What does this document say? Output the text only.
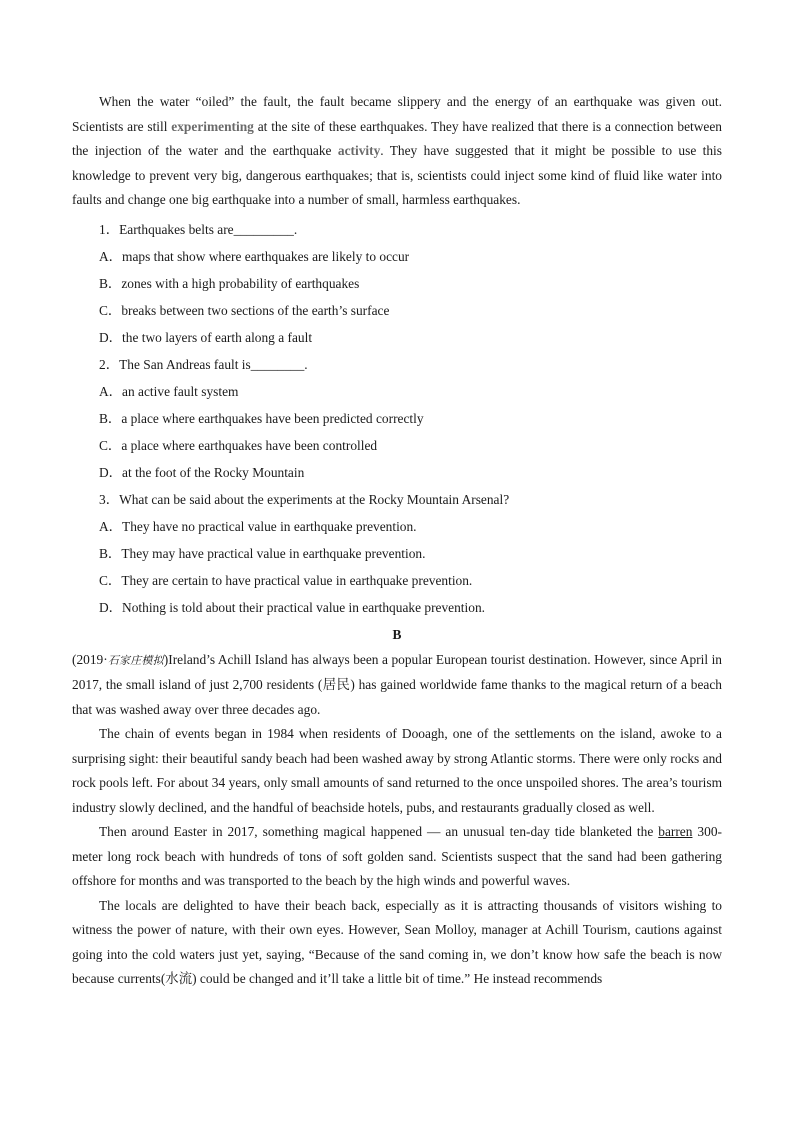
When the water “oiled” the fault, the fault became slippery and the energy of an earthquake was given out. Scientists are still experimenting at the site of these earthquakes. They have realized that there is a connection between the injection of the water and the earthquake activity. They have suggested that it might be possible to use this knowledge to prevent very big, dangerous earthquakes; that is, scientists could inject some kind of fluid like water into faults and change one big earthquake into a number of small, harmless earthquakes.

1．Earthquakes belts are_________.

A．maps that show where earthquakes are likely to occur

B．zones with a high probability of earthquakes

C．breaks between two sections of the earth’s surface

D．the two layers of earth along a fault

2．The San Andreas fault is________.

A．an active fault system

B．a place where earthquakes have been predicted correctly

C．a place where earthquakes have been controlled

D．at the foot of the Rocky Mountain

3．What can be said about the experiments at the Rocky Mountain Arsenal?

A．They have no practical value in earthquake prevention.

B．They may have practical value in earthquake prevention.

C．They are certain to have practical value in earthquake prevention.

D．Nothing is told about their practical value in earthquake prevention.

B

(2019·石家庄模拟)Ireland’s Achill Island has always been a popular European tourist destination. However, since April in 2017, the small island of just 2,700 residents (居民) has gained worldwide fame thanks to the magical return of a beach that was washed away over three decades ago.

The chain of events began in 1984 when residents of Dooagh, one of the settlements on the island, awoke to a surprising sight: their beautiful sandy beach had been washed away by strong Atlantic storms. There were only rocks and rock pools left. For about 34 years, only small amounts of sand returned to the once unspoiled shores. The area’s tourism industry slowly declined, and the handful of beachside hotels, pubs, and restaurants gradually closed as well.

Then around Easter in 2017, something magical happened — an unusual ten-day tide blanketed the barren 300-meter long rock beach with hundreds of tons of soft golden sand. Scientists suspect that the sand had been gathering offshore for months and was transported to the beach by the high winds and powerful waves.

The locals are delighted to have their beach back, especially as it is attracting thousands of visitors wishing to witness the power of nature, with their own eyes. However, Sean Molloy, manager at Achill Tourism, cautions against going into the cold waters just yet, saying, “Because of the sand coming in, we don’t know how safe the beach is now because currents(水流) could be changed and it’ll take a little bit of time.” He instead recommends
